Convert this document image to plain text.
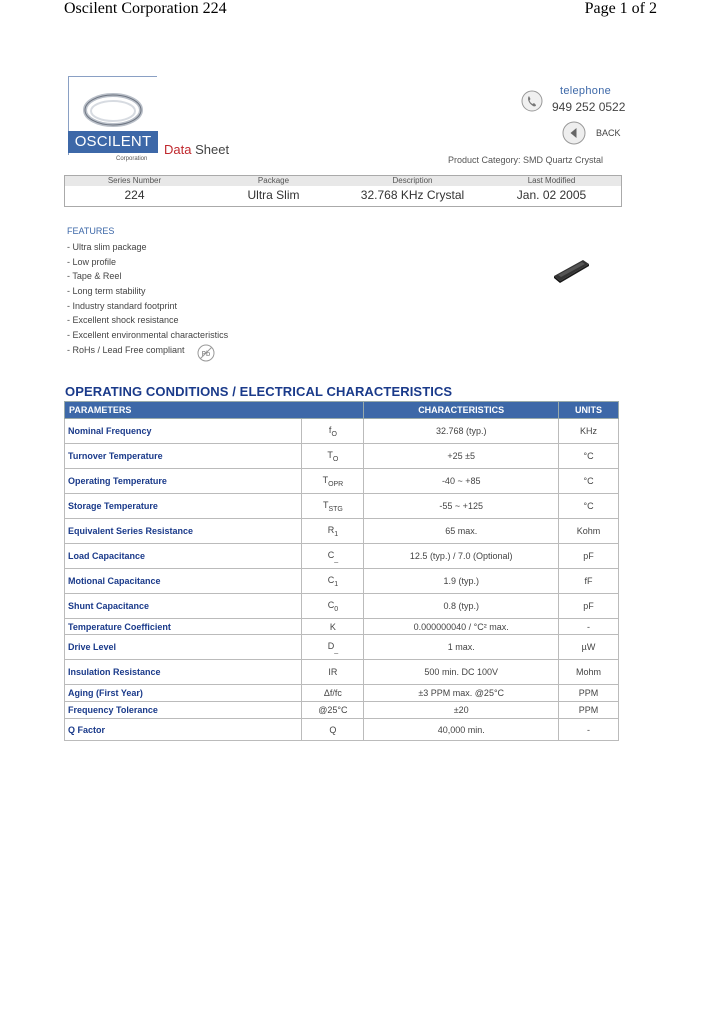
Oscilent Corporation 224	Page 1 of 2
OSCILENT
Corporation
Data Sheet
telephone
949 252 0522
BACK
Product Category: SMD Quartz Crystal
Series Number	Package	Description	Last Modified
224	Ultra Slim	32.768 KHz Crystal	Jan. 02 2005
FEATURES
- Ultra slim package
- Low profile
- Tape & Reel
- Long term stability
- Industry standard footprint
- Excellent shock resistance
- Excellent environmental characteristics
- RoHs / Lead Free compliant	Pb
OPERATING CONDITIONS / ELECTRICAL CHARACTERISTICS
PARAMETERS		CHARACTERISTICS	UNITS
Nominal Frequency	$f_O$	32.768 (typ.)	KHz
Turnover Temperature	$T_O$	+25 ±5	°C
Operating Temperature	$T_{OPR}$	-40 ~ +85	°C
Storage Temperature	$T_{STG}$	-55 ~ +125	°C
Equivalent Series Resistance	$R_1$	65 max.	Kohm
Load Capacitance	$C_{\_}$	12.5 (typ.) / 7.0 (Optional)	pF
Motional Capacitance	$C_1$	1.9 (typ.)	fF
Shunt Capacitance	$C_0$	0.8 (typ.)	pF
Temperature Coefficient	K	0.000000040 / °C² max.	-
Drive Level	$D_{\_}$	1 max.	µW
Insulation Resistance	IR	500 min. DC 100V	Mohm
Aging (First Year)	Δf/fc	±3 PPM max. @25°C	PPM
Frequency Tolerance	@25°C	±20	PPM
Q Factor	Q	40,000 min.	-
